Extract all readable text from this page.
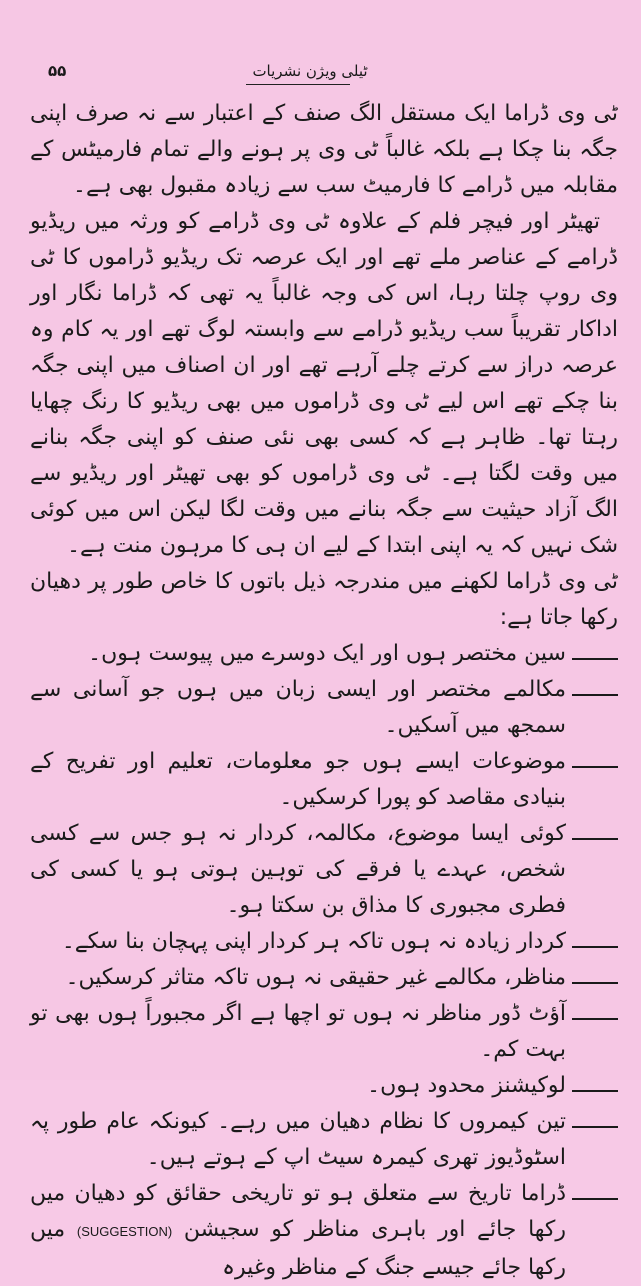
۵۵	ٹیلی ویژن نشریات

ٹی وی ڈراما ایک مستقل الگ صنف کے اعتبار سے نہ صرف اپنی جگہ بنا چکا ہے بلکہ غالباً ٹی وی پر ہونے والے تمام فارمیٹس کے مقابلہ میں ڈرامے کا فارمیٹ سب سے زیادہ مقبول بھی ہے۔

تھیٹر اور فیچر فلم کے علاوہ ٹی وی ڈرامے کو ورثہ میں ریڈیو ڈرامے کے عناصر ملے تھے اور ایک عرصہ تک ریڈیو ڈراموں کا ٹی وی روپ چلتا رہا، اس کی وجہ غالباً یہ تھی کہ ڈراما نگار اور اداکار تقریباً سب ریڈیو ڈرامے سے وابستہ لوگ تھے اور یہ کام وہ عرصہ دراز سے کرتے چلے آرہے تھے اور ان اصناف میں اپنی جگہ بنا چکے تھے اس لیے ٹی وی ڈراموں میں بھی ریڈیو کا رنگ چھایا رہتا تھا۔ ظاہر ہے کہ کسی بھی نئی صنف کو اپنی جگہ بنانے میں وقت لگتا ہے۔ ٹی وی ڈراموں کو بھی تھیٹر اور ریڈیو سے الگ آزاد حیثیت سے جگہ بنانے میں وقت لگا لیکن اس میں کوئی شک نہیں کہ یہ اپنی ابتدا کے لیے ان ہی کا مرہون منت ہے۔

ٹی وی ڈراما لکھنے میں مندرجہ ذیل باتوں کا خاص طور پر دھیان رکھا جاتا ہے:

سین مختصر ہوں اور ایک دوسرے میں پیوست ہوں۔
مکالمے مختصر اور ایسی زبان میں ہوں جو آسانی سے سمجھ میں آسکیں۔
موضوعات ایسے ہوں جو معلومات، تعلیم اور تفریح کے بنیادی مقاصد کو پورا کرسکیں۔
کوئی ایسا موضوع، مکالمہ، کردار نہ ہو جس سے کسی شخص، عہدے یا فرقے کی توہین ہوتی ہو یا کسی کی فطری مجبوری کا مذاق بن سکتا ہو۔
کردار زیادہ نہ ہوں تاکہ ہر کردار اپنی پہچان بنا سکے۔
مناظر، مکالمے غیر حقیقی نہ ہوں تاکہ متاثر کرسکیں۔
آؤٹ ڈور مناظر نہ ہوں تو اچھا ہے اگر مجبوراً ہوں بھی تو بہت کم۔
لوکیشنز محدود ہوں۔
تین کیمروں کا نظام دھیان میں رہے۔ کیونکہ عام طور پہ اسٹوڈیوز تھری کیمرہ سیٹ اپ کے ہوتے ہیں۔
ڈراما تاریخ سے متعلق ہو تو تاریخی حقائق کو دھیان میں رکھا جائے اور باہری مناظر کو سجیشن (SUGGESTION) میں رکھا جائے جیسے جنگ کے مناظر وغیرہ
